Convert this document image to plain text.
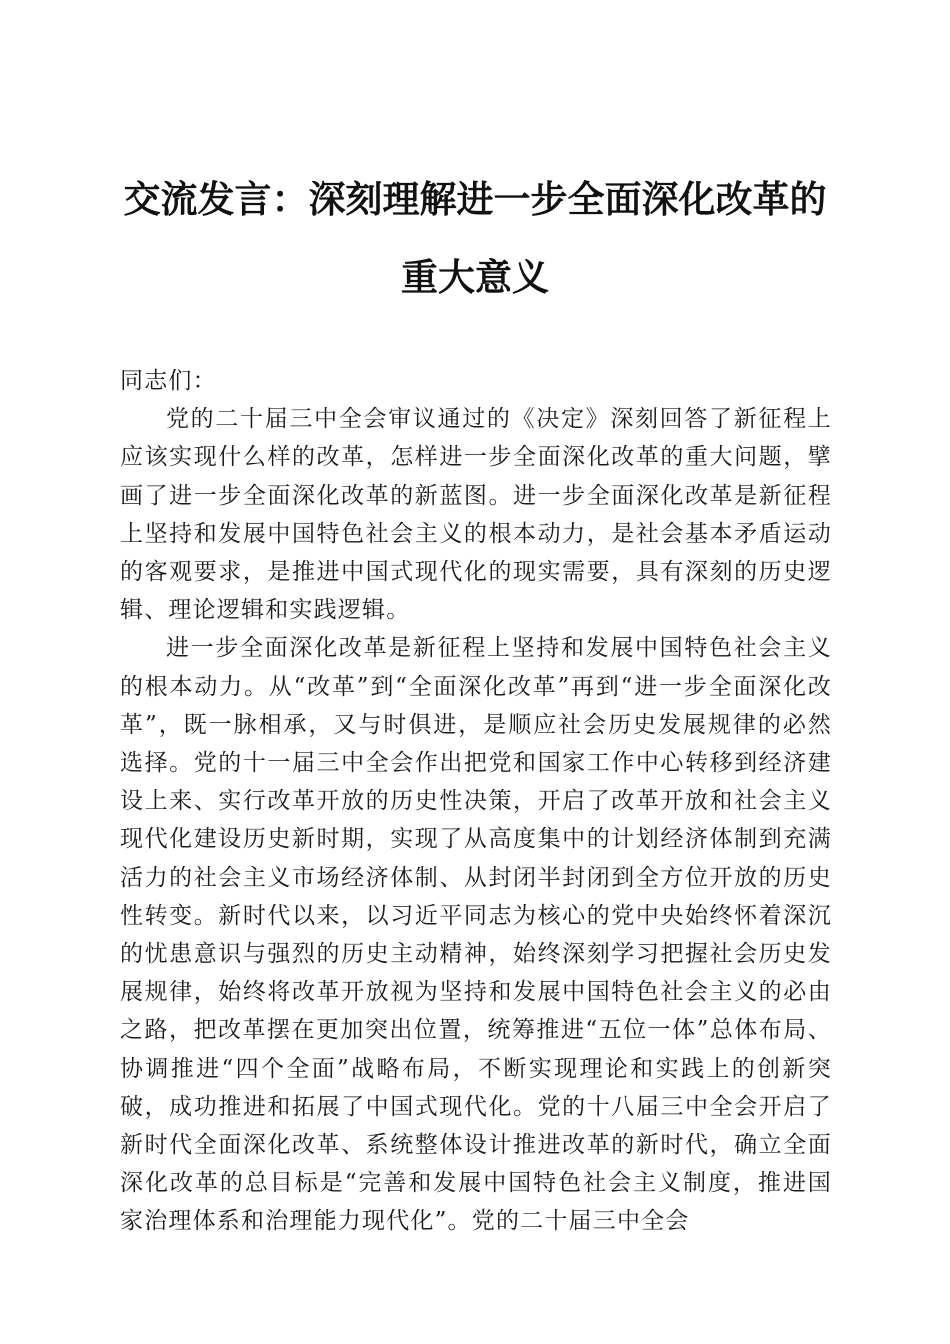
交流发言：深刻理解进一步全面深化改革的重大意义

同志们：

党的二十届三中全会审议通过的《决定》深刻回答了新征程上应该实现什么样的改革，怎样进一步全面深化改革的重大问题，擘画了进一步全面深化改革的新蓝图。进一步全面深化改革是新征程上坚持和发展中国特色社会主义的根本动力，是社会基本矛盾运动的客观要求，是推进中国式现代化的现实需要，具有深刻的历史逻辑、理论逻辑和实践逻辑。

进一步全面深化改革是新征程上坚持和发展中国特色社会主义的根本动力。从“改革”到“全面深化改革”再到“进一步全面深化改革”，既一脉相承，又与时俱进，是顺应社会历史发展规律的必然选择。党的十一届三中全会作出把党和国家工作中心转移到经济建设上来、实行改革开放的历史性决策，开启了改革开放和社会主义现代化建设历史新时期，实现了从高度集中的计划经济体制到充满活力的社会主义市场经济体制、从封闭半封闭到全方位开放的历史性转变。新时代以来，以习近平同志为核心的党中央始终怀着深沉的忧患意识与强烈的历史主动精神，始终深刻学习把握社会历史发展规律，始终将改革开放视为坚持和发展中国特色社会主义的必由之路，把改革摆在更加突出位置，统筹推进“五位一体”总体布局、协调推进“四个全面”战略布局，不断实现理论和实践上的创新突破，成功推进和拓展了中国式现代化。党的十八届三中全会开启了新时代全面深化改革、系统整体设计推进改革的新时代，确立全面深化改革的总目标是“完善和发展中国特色社会主义制度，推进国家治理体系和治理能力现代化”。党的二十届三中全会
